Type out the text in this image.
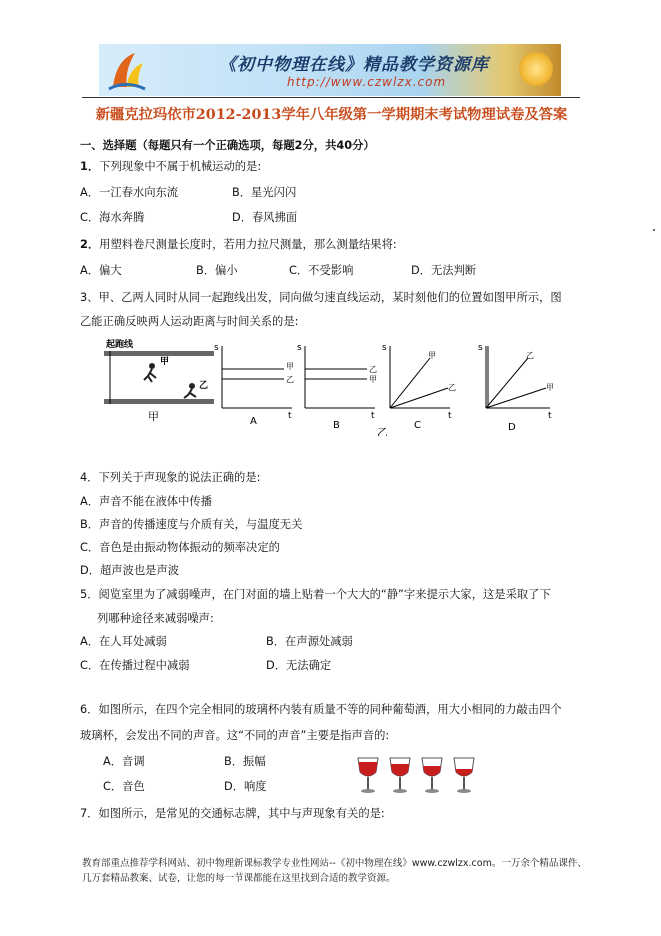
《初中物理在线》精品教学资源库
http://www.czwlzx.com
新疆克拉玛依市2012-2013学年八年级第一学期期末考试物理试卷及答案
一、选择题（每题只有一个正确选项，每题2分，共40分）
1．下列现象中不属于机械运动的是:
A．一江春水向东流	B．星光闪闪
C．海水奔腾	D．春风拂面
2．用塑料卷尺测量长度时，若用力拉尺测量，那么测量结果将:
A．偏大	B．偏小	C．不受影响	D．无法判断
3、甲、乙两人同时从同一起跑线出发，同向做匀速直线运动，某时刻他们的位置如图甲所示，图
乙能正确反映两人运动距离与时间关系的是:
起跑线
甲
乙
甲
s
t
甲
乙
A
s
t
乙
甲
B
乙
s
t
甲
乙
C
s
t
乙
甲
D
4．下列关于声现象的说法正确的是:
A．声音不能在液体中传播
B．声音的传播速度与介质有关，与温度无关
C．音色是由振动物体振动的频率决定的
D．超声波也是声波
5．阅览室里为了减弱噪声，在门对面的墙上贴着一个大大的“静”字来提示大家，这是采取了下
列哪种途径来减弱噪声:
A．在人耳处减弱	B．在声源处减弱
C．在传播过程中减弱	D．无法确定
6．如图所示，在四个完全相同的玻璃杯内装有质量不等的同种葡萄酒，用大小相同的力敲击四个
玻璃杯，会发出不同的声音。这“不同的声音”主要是指声音的:
A．音调	B．振幅
C．音色	D．响度
7．如图所示，是常见的交通标志牌，其中与声现象有关的是:
教育部重点推荐学科网站、初中物理新课标教学专业性网站--《初中物理在线》www.czwlzx.com。一万余个精品课件、
几万套精品教案、试卷，让您的每一节课都能在这里找到合适的教学资源。
